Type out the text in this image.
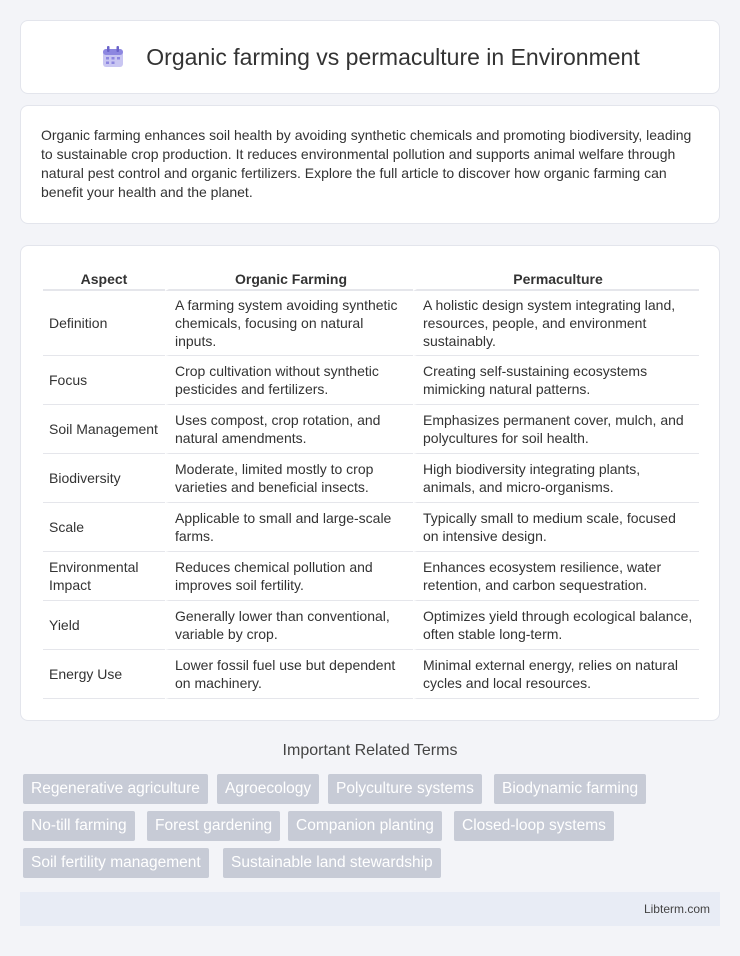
Organic farming vs permaculture in Environment

Organic farming enhances soil health by avoiding synthetic chemicals and promoting biodiversity, leading to sustainable crop production. It reduces environmental pollution and supports animal welfare through natural pest control and organic fertilizers. Explore the full article to discover how organic farming can benefit your health and the planet.

Aspect	Organic Farming	Permaculture
Definition	A farming system avoiding synthetic chemicals, focusing on natural inputs.	A holistic design system integrating land, resources, people, and environment sustainably.
Focus	Crop cultivation without synthetic pesticides and fertilizers.	Creating self-sustaining ecosystems mimicking natural patterns.
Soil Management	Uses compost, crop rotation, and natural amendments.	Emphasizes permanent cover, mulch, and polycultures for soil health.
Biodiversity	Moderate, limited mostly to crop varieties and beneficial insects.	High biodiversity integrating plants, animals, and micro-organisms.
Scale	Applicable to small and large-scale farms.	Typically small to medium scale, focused on intensive design.
Environmental Impact	Reduces chemical pollution and improves soil fertility.	Enhances ecosystem resilience, water retention, and carbon sequestration.
Yield	Generally lower than conventional, variable by crop.	Optimizes yield through ecological balance, often stable long-term.
Energy Use	Lower fossil fuel use but dependent on machinery.	Minimal external energy, relies on natural cycles and local resources.
Important Related Terms
Regenerative agriculture	Agroecology	Polyculture systems	Biodynamic farming
No-till farming	Forest gardening	Companion planting	Closed-loop systems
Soil fertility management	Sustainable land stewardship
Libterm.com
